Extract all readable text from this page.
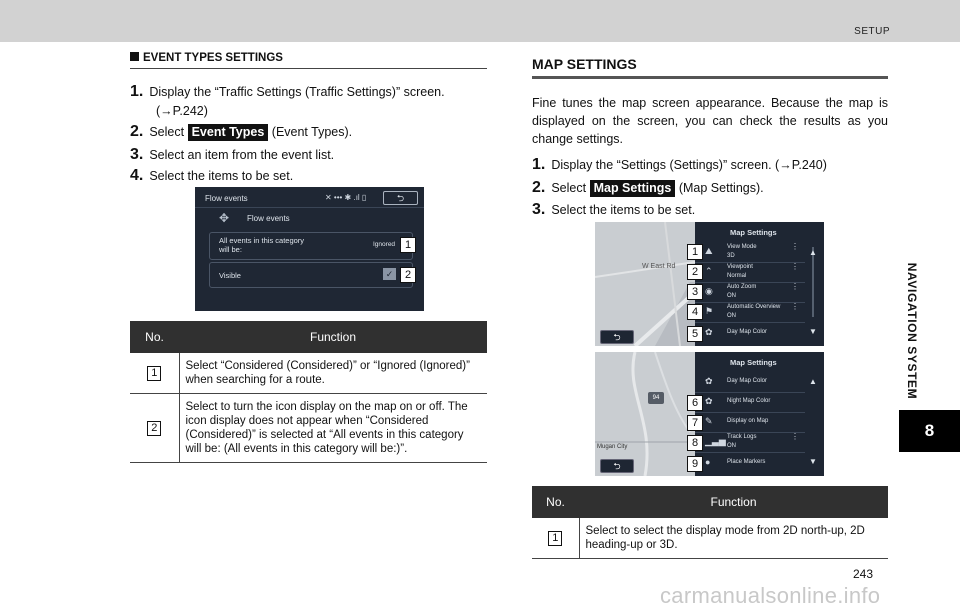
SETUP
NAVIGATION SYSTEM
8
EVENT TYPES SETTINGS
1. Display the “Traffic Settings (Traffic Settings)” screen.
(→P.242)
2. Select Event Types (Event Types).
3. Select an item from the event list.
4. Select the items to be set.
Flow events	✕ ••• ✱ .ıl ▯	⮌
✥ Flow events
All events in this category
will be:
Ignored
Visible	✓
1
2
No.	Function
1	Select “Considered (Considered)” or “Ignored (Ignored)” when searching for a route.
2	Select to turn the icon display on the map on or off. The icon display does not appear when “Considered (Considered)” is selected at “All events in this category will be: (All events in this category will be:)”.
MAP SETTINGS
Fine tunes the map screen appearance. Because the map is displayed on the screen, you can check the results as you change settings.
1. Display the “Settings (Settings)” screen. (→P.240)
2. Select Map Settings (Map Settings).
3. Select the items to be set.
W East Rd
⮌
Map Settings
▲
▼
⛰ View Mode
3D
⋮
⌃ Viewpoint
Normal
⋮
◉ Auto Zoom
ON
⋮
⚑ Automatic Overview
ON
⋮
✿ Day Map Color
1
2
3
4
5
94
Mugan City
⮌
Map Settings
▲
▼
✿ Day Map Color
✿ Night Map Color
✎ Display on Map
▁▃▅ Track Logs
ON
⋮
●	Place Markers
6
7
8
9
No.	Function
1	Select to select the display mode from 2D north-up, 2D heading-up or 3D.
243
carmanualsonline.info
